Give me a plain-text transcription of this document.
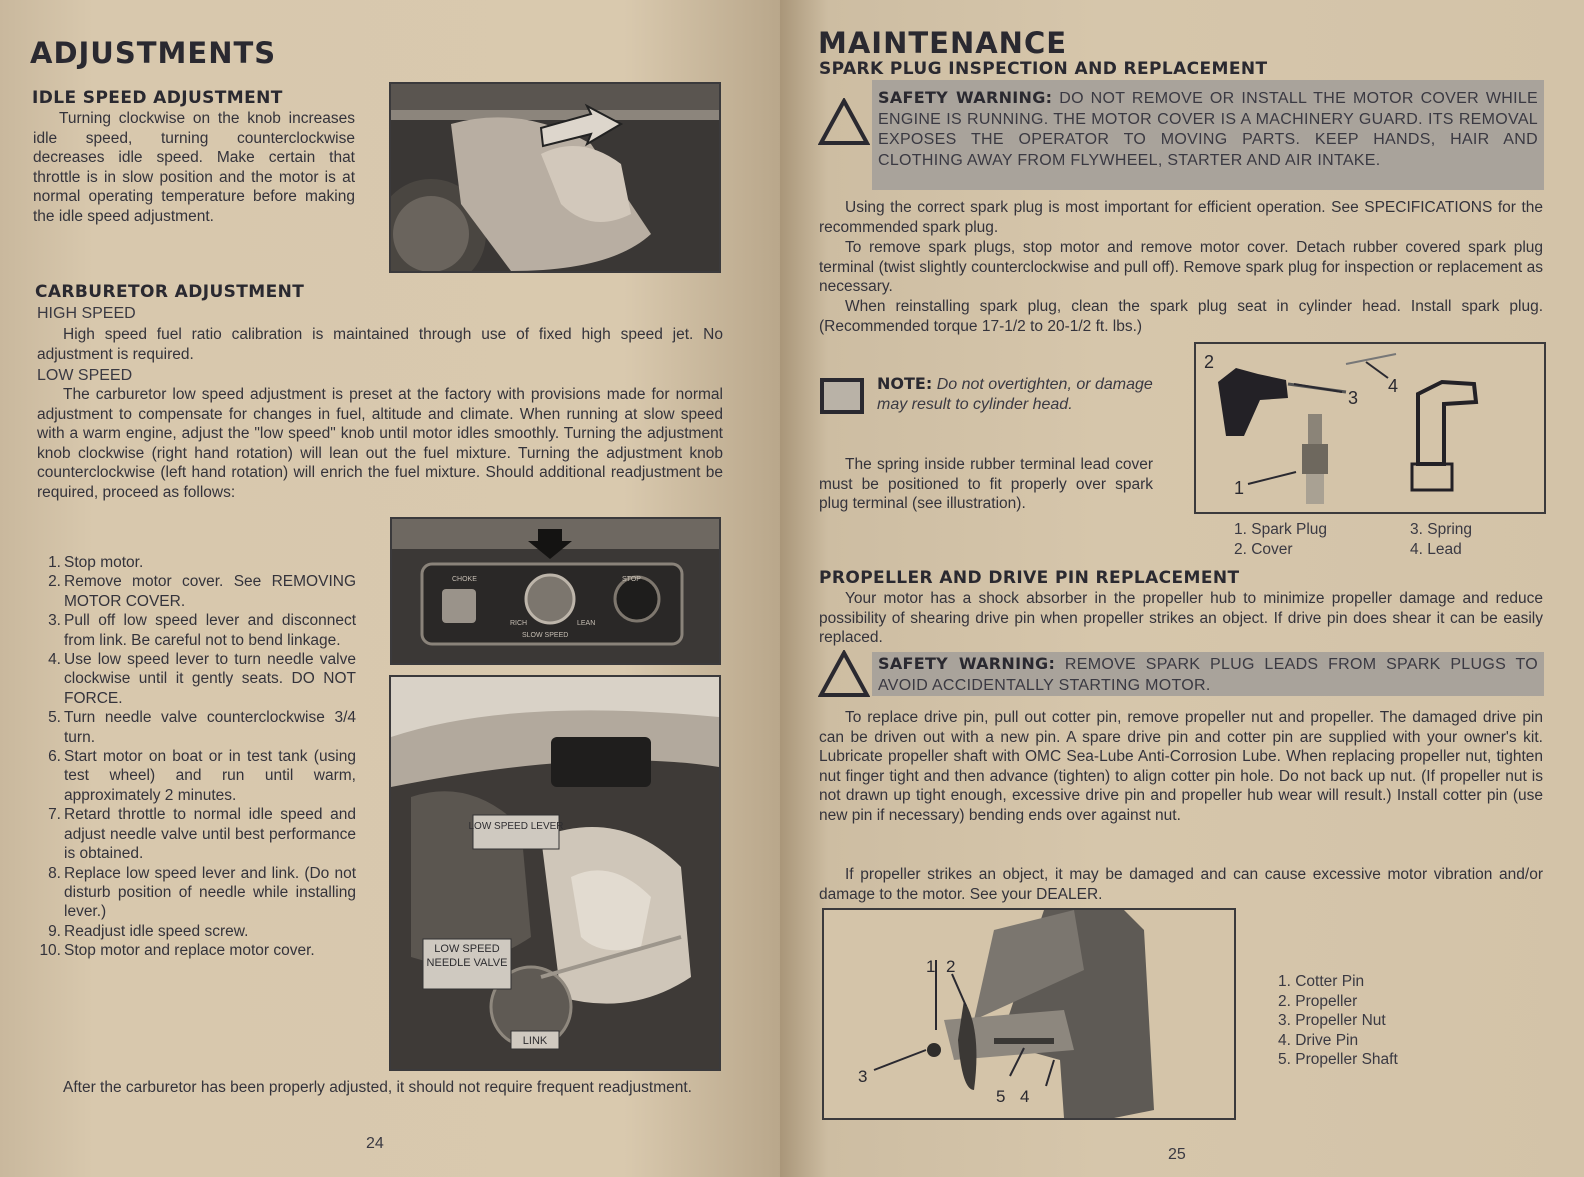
ADJUSTMENTS
IDLE SPEED ADJUSTMENT

Turning clockwise on the knob increases idle speed, turning counterclockwise decreases idle speed. Make certain that throttle is in slow position and the motor is at normal operating temperature before making the idle speed adjustment.

CARBURETOR ADJUSTMENT
HIGH SPEED

High speed fuel ratio calibration is maintained through use of fixed high speed jet. No adjustment is required.

LOW SPEED

The carburetor low speed adjustment is preset at the factory with provisions made for normal adjustment to compensate for changes in fuel, altitude and climate. When running at slow speed with a warm engine, adjust the "low speed" knob until motor idles smoothly. Turning the adjustment knob clockwise (right hand rotation) will lean out the fuel mixture. Turning the adjustment knob counterclockwise (left hand rotation) will enrich the fuel mixture. Should additional readjustment be required, proceed as follows:

CHOKE	STOP
RICH	LEAN
SLOW SPEED
1. Stop motor.
2. Remove motor cover. See REMOVING MOTOR COVER.
3. Pull off low speed lever and disconnect from link. Be careful not to bend linkage.
4. Use low speed lever to turn needle valve clockwise until it gently seats. DO NOT FORCE.
5. Turn needle valve counterclockwise 3/4 turn.
6. Start motor on boat or in test tank (using test wheel) and run until warm, approximately 2 minutes.
7. Retard throttle to normal idle speed and adjust needle valve until best performance is obtained.
8. Replace low speed lever and link. (Do not disturb position of needle while installing lever.)
9. Readjust idle speed screw.
10. Stop motor and replace motor cover.
LOW SPEED LEVER
LOW SPEED NEEDLE VALVE
LINK

After the carburetor has been properly adjusted, it should not require frequent readjustment.

24
MAINTENANCE
SPARK PLUG INSPECTION AND REPLACEMENT

SAFETY WARNING: DO NOT REMOVE OR INSTALL THE MOTOR COVER WHILE ENGINE IS RUNNING. THE MOTOR COVER IS A MACHINERY GUARD. ITS REMOVAL EXPOSES THE OPERATOR TO MOVING PARTS. KEEP HANDS, HAIR AND CLOTHING AWAY FROM FLYWHEEL, STARTER AND AIR INTAKE.

Using the correct spark plug is most important for efficient operation. See SPECIFICATIONS for the recommended spark plug.

To remove spark plugs, stop motor and remove motor cover. Detach rubber covered spark plug terminal (twist slightly counterclockwise and pull off). Remove spark plug for inspection or replacement as necessary.

When reinstalling spark plug, clean the spark plug seat in cylinder head. Install spark plug. (Recommended torque 17-1/2 to 20-1/2 ft. lbs.)

NOTE: Do not overtighten, or damage may result to cylinder head.

The spring inside rubber terminal lead cover must be positioned to fit properly over spark plug terminal (see illustration).

2
3
4
1
1. Spark Plug
2. Cover
3. Spring
4. Lead
PROPELLER AND DRIVE PIN REPLACEMENT

Your motor has a shock absorber in the propeller hub to minimize propeller damage and reduce possibility of shearing drive pin when propeller strikes an object. If drive pin does shear it can be easily replaced.

SAFETY WARNING: REMOVE SPARK PLUG LEADS FROM SPARK PLUGS TO AVOID ACCIDENTALLY STARTING MOTOR.

To replace drive pin, pull out cotter pin, remove propeller nut and propeller. The damaged drive pin can be driven out with a new pin. A spare drive pin and cotter pin are supplied with your owner's kit. Lubricate propeller shaft with OMC Sea-Lube Anti-Corrosion Lube. When replacing propeller nut, tighten nut finger tight and then advance (tighten) to align cotter pin hole. Do not back up nut. (If propeller nut is not drawn up tight enough, excessive drive pin and propeller hub wear will result.) Install cotter pin (use new pin if necessary) bending ends over against nut.

If propeller strikes an object, it may be damaged and can cause excessive motor vibration and/or damage to the motor. See your DEALER.

1 2
3
5 4
1. Cotter Pin
2. Propeller
3. Propeller Nut
4. Drive Pin
5. Propeller Shaft
25
